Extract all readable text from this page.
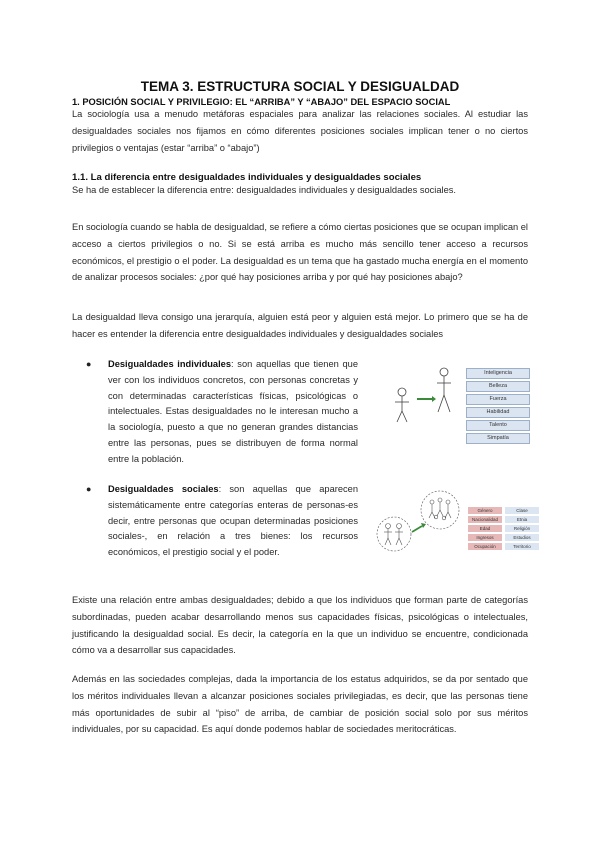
TEMA 3. ESTRUCTURA SOCIAL Y DESIGUALDAD
1. POSICIÓN SOCIAL Y PRIVILEGIO: EL “ARRIBA” Y “ABAJO” DEL ESPACIO SOCIAL
La sociología usa a menudo metáforas espaciales para analizar las relaciones sociales. Al estudiar las desigualdades sociales nos fijamos en cómo diferentes posiciones sociales implican tener o no ciertos privilegios o ventajas (estar “arriba” o “abajo”)
1.1. La diferencia entre desigualdades individuales y desigualdades sociales
Se ha de establecer la diferencia entre: desigualdades individuales y desigualdades sociales.
En sociología cuando se habla de desigualdad, se refiere a cómo ciertas posiciones que se ocupan implican el acceso a ciertos privilegios o no. Si se está arriba es mucho más sencillo tener acceso a recursos económicos, el prestigio o el poder. La desigualdad es un tema que ha gastado mucha energía en el momento de analizar procesos sociales: ¿por qué hay posiciones arriba y por qué hay posiciones abajo?
La desigualdad lleva consigo una jerarquía, alguien está peor y alguien está mejor. Lo primero que se ha de hacer es entender la diferencia entre desigualdades individuales y desigualdades sociales
● Desigualdades individuales: son aquellas que tienen que ver con los individuos concretos, con personas concretas y con determinadas características físicas, psicológicas o intelectuales. Estas desigualdades no le interesan mucho a la sociología, puesto a que no generan grandes distancias entre las personas, pues se distribuyen de forma normal entre la población.
Inteligencia
Belleza
Fuerza
Habilidad
Talento
Simpatía
● Desigualdades sociales: son aquellas que aparecen sistemáticamente entre categorías enteras de personas-es decir, entre personas que ocupan determinadas posiciones sociales-, en relación a tres bienes: los recursos económicos, el prestigio social y el poder.
Género	Clase
Nacionalidad	Etnia
Edad	Religión
Ingresos	Estudios
Ocupación	Territorio
Existe una relación entre ambas desigualdades; debido a que los individuos que forman parte de categorías subordinadas, pueden acabar desarrollando menos sus capacidades físicas, psicológicas o intelectuales, justificando la desigualdad social. Es decir, la categoría en la que un individuo se encuentre, condicionada cómo va a desarrollar sus capacidades.
Además en las sociedades complejas, dada la importancia de los estatus adquiridos, se da por sentado que los méritos individuales llevan a alcanzar posiciones sociales privilegiadas, es decir, que las personas tiene más oportunidades de subir al “piso” de arriba, de cambiar de posición social solo por sus méritos individuales, por su capacidad. Es aquí donde podemos hablar de sociedades meritocráticas.
